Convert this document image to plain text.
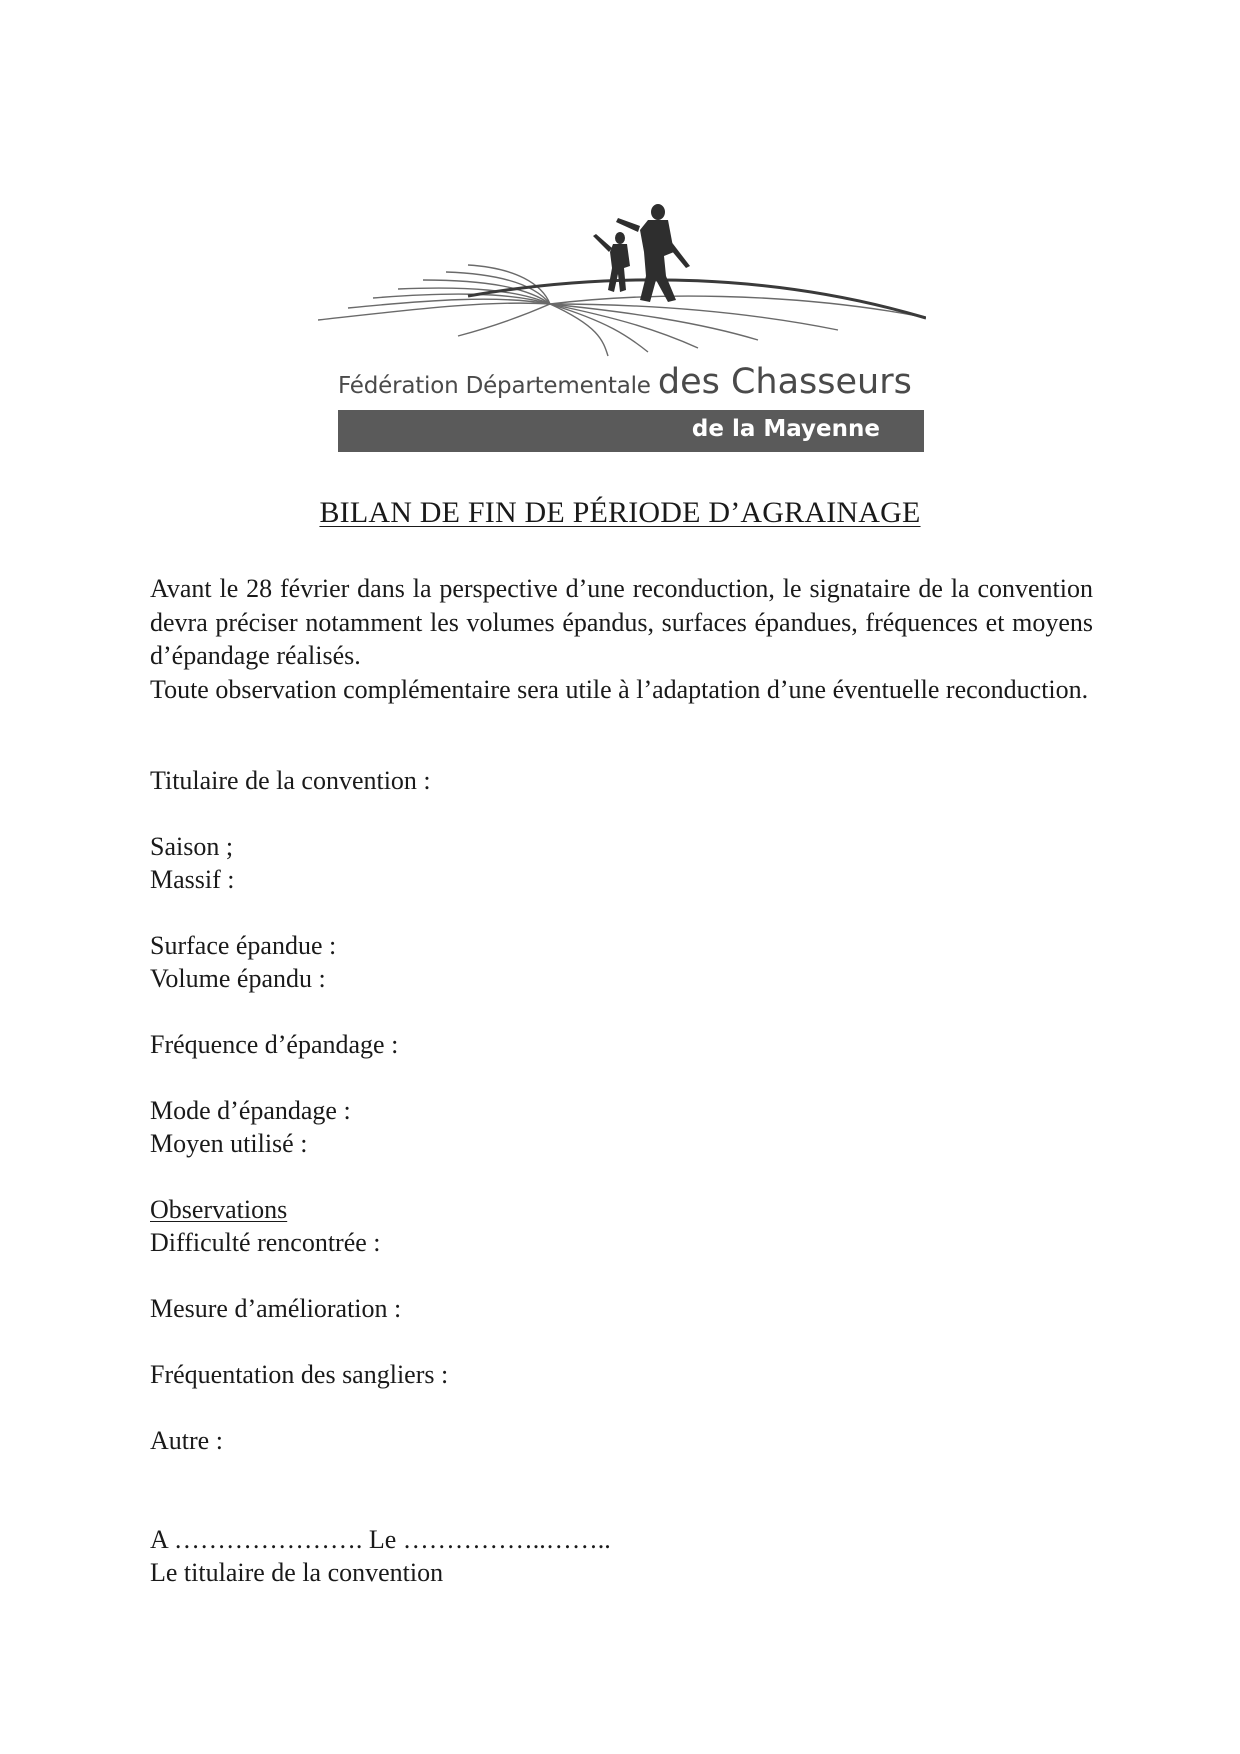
Fédération Départementale des Chasseurs
de la Mayenne
BILAN DE FIN DE PÉRIODE D’AGRAINAGE

Avant le 28 février dans la perspective d’une reconduction, le signataire de la convention devra préciser notamment les volumes épandus, surfaces épandues, fréquences et moyens d’épandage réalisés.

Toute observation complémentaire sera utile à l’adaptation d’une éventuelle reconduction.

Titulaire de la convention :
Saison ;
Massif :
Surface épandue :
Volume épandu :
Fréquence d’épandage :
Mode d’épandage :
Moyen utilisé :
Observations
Difficulté rencontrée :
Mesure d’amélioration :
Fréquentation des sangliers :
Autre :
A …………………. Le ……………..……..
Le titulaire de la convention
